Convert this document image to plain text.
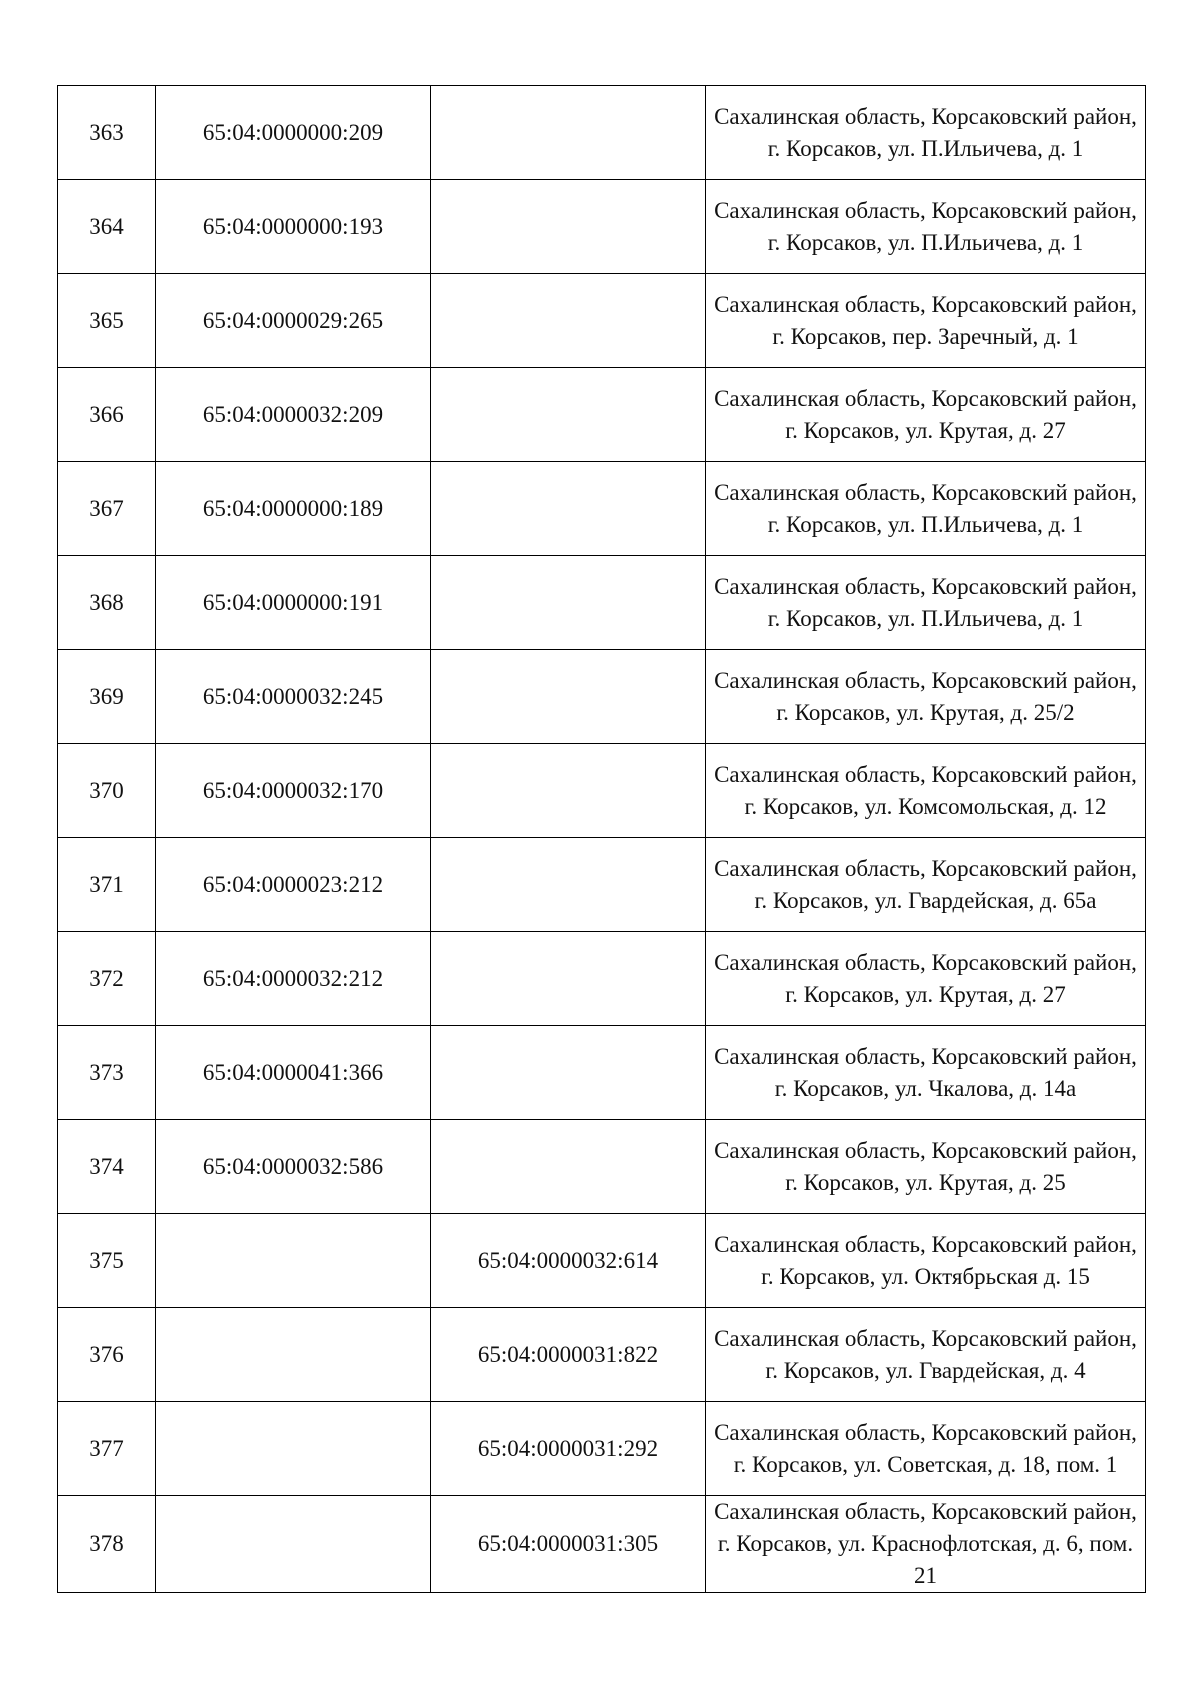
363	65:04:0000000:209		Сахалинская область, Корсаковский район, г. Корсаков, ул. П.Ильичева, д. 1
364	65:04:0000000:193		Сахалинская область, Корсаковский район, г. Корсаков, ул. П.Ильичева, д. 1
365	65:04:0000029:265		Сахалинская область, Корсаковский район, г. Корсаков, пер. Заречный, д. 1
366	65:04:0000032:209		Сахалинская область, Корсаковский район, г. Корсаков, ул. Крутая, д. 27
367	65:04:0000000:189		Сахалинская область, Корсаковский район, г. Корсаков, ул. П.Ильичева, д. 1
368	65:04:0000000:191		Сахалинская область, Корсаковский район, г. Корсаков, ул. П.Ильичева, д. 1
369	65:04:0000032:245		Сахалинская область, Корсаковский район, г. Корсаков, ул. Крутая, д. 25/2
370	65:04:0000032:170		Сахалинская область, Корсаковский район, г. Корсаков, ул. Комсомольская, д. 12
371	65:04:0000023:212		Сахалинская область, Корсаковский район, г. Корсаков, ул. Гвардейская, д. 65а
372	65:04:0000032:212		Сахалинская область, Корсаковский район, г. Корсаков, ул. Крутая, д. 27
373	65:04:0000041:366		Сахалинская область, Корсаковский район, г. Корсаков, ул. Чкалова, д. 14а
374	65:04:0000032:586		Сахалинская область, Корсаковский район, г. Корсаков, ул. Крутая, д. 25
375		65:04:0000032:614	Сахалинская область, Корсаковский район, г. Корсаков, ул. Октябрьская д. 15
376		65:04:0000031:822	Сахалинская область, Корсаковский район, г. Корсаков, ул. Гвардейская, д. 4
377		65:04:0000031:292	Сахалинская область, Корсаковский район, г. Корсаков, ул. Советская, д. 18, пом. 1
378		65:04:0000031:305	Сахалинская область, Корсаковский район, г. Корсаков, ул. Краснофлотская, д. 6, пом. 21
